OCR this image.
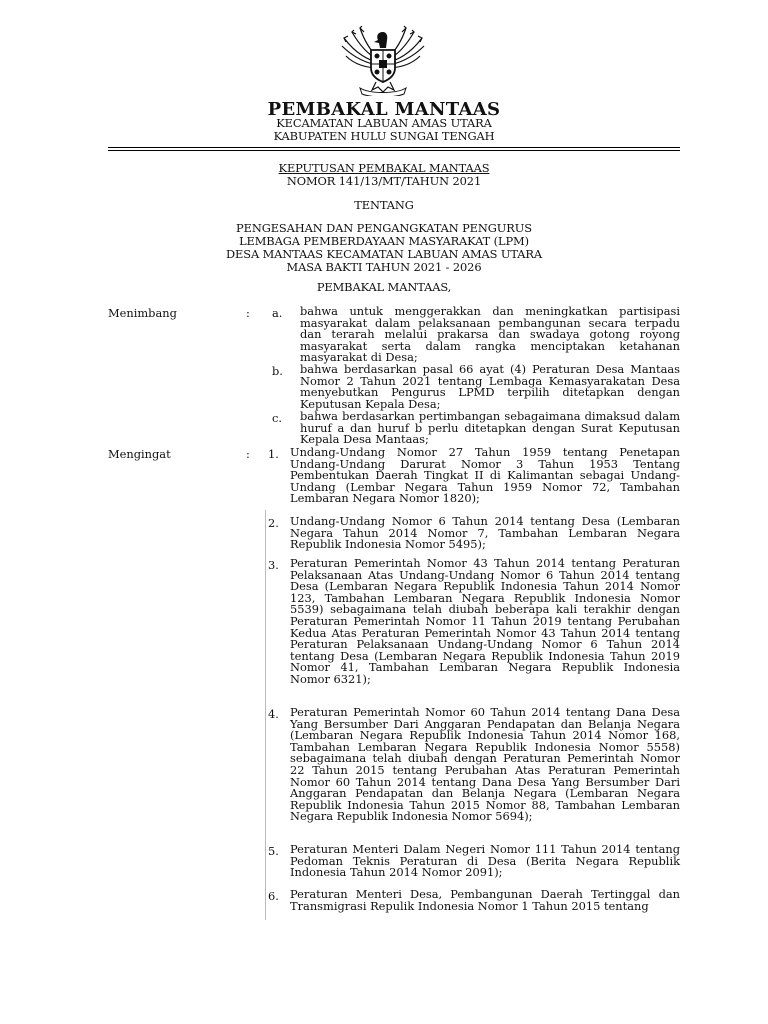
PEMBAKAL MANTAAS
KECAMATAN LABUAN AMAS UTARA
KABUPATEN HULU SUNGAI TENGAH
KEPUTUSAN PEMBAKAL MANTAAS
NOMOR 141/13/MT/TAHUN 2021
TENTANG
PENGESAHAN DAN PENGANGKATAN PENGURUS
LEMBAGA PEMBERDAYAAN MASYARAKAT (LPM)
DESA MANTAAS KECAMATAN LABUAN AMAS UTARA
MASA BAKTI TAHUN 2021 - 2026
PEMBAKAL MANTAAS,
Menimbang	: a. bahwa untuk menggerakkan dan meningkatkan partisipasi masyarakat dalam pelaksanaan pembangunan secara terpadu dan terarah melalui prakarsa dan swadaya gotong royong masyarakat serta dalam rangka menciptakan ketahanan masyarakat di Desa;
b. bahwa berdasarkan pasal 66 ayat (4) Peraturan Desa Mantaas Nomor 2 Tahun 2021 tentang Lembaga Kemasyarakatan Desa menyebutkan Pengurus LPMD terpilih ditetapkan dengan Keputusan Kepala Desa;
c. bahwa berdasarkan pertimbangan sebagaimana dimaksud dalam huruf a dan huruf b perlu ditetapkan dengan Surat Keputusan Kepala Desa Mantaas;
Mengingat	: 1. Undang-Undang Nomor 27 Tahun 1959 tentang Penetapan Undang-Undang Darurat Nomor 3 Tahun 1953 Tentang Pembentukan Daerah Tingkat II di Kalimantan sebagai Undang-Undang (Lembar Negara Tahun 1959 Nomor 72, Tambahan Lembaran Negara Nomor 1820);
2. Undang-Undang Nomor 6 Tahun 2014 tentang Desa (Lembaran Negara Tahun 2014 Nomor 7, Tambahan Lembaran Negara Republik Indonesia Nomor 5495);
3. Peraturan Pemerintah Nomor 43 Tahun 2014 tentang Peraturan Pelaksanaan Atas Undang-Undang Nomor 6 Tahun 2014 tentang Desa (Lembaran Negara Republik Indonesia Tahun 2014 Nomor 123, Tambahan Lembaran Negara Republik Indonesia Nomor 5539) sebagaimana telah diubah beberapa kali terakhir dengan Peraturan Pemerintah Nomor 11 Tahun 2019 tentang Perubahan Kedua Atas Peraturan Pemerintah Nomor 43 Tahun 2014 tentang Peraturan Pelaksanaan Undang-Undang Nomor 6 Tahun 2014 tentang Desa (Lembaran Negara Republik Indonesia Tahun 2019 Nomor 41, Tambahan Lembaran Negara Republik Indonesia Nomor 6321);
4. Peraturan Pemerintah Nomor 60 Tahun 2014 tentang Dana Desa Yang Bersumber Dari Anggaran Pendapatan dan Belanja Negara (Lembaran Negara Republik Indonesia Tahun 2014 Nomor 168, Tambahan Lembaran Negara Republik Indonesia Nomor 5558) sebagaimana telah diubah dengan Peraturan Pemerintah Nomor 22 Tahun 2015 tentang Perubahan Atas Peraturan Pemerintah Nomor 60 Tahun 2014 tentang Dana Desa Yang Bersumber Dari Anggaran Pendapatan dan Belanja Negara (Lembaran Negara Republik Indonesia Tahun 2015 Nomor 88, Tambahan Lembaran Negara Republik Indonesia Nomor 5694);
5. Peraturan Menteri Dalam Negeri Nomor 111 Tahun 2014 tentang Pedoman Teknis Peraturan di Desa (Berita Negara Republik Indonesia Tahun 2014 Nomor 2091);
6. Peraturan Menteri Desa, Pembangunan Daerah Tertinggal dan Transmigrasi Repulik Indonesia Nomor 1 Tahun 2015 tentang
